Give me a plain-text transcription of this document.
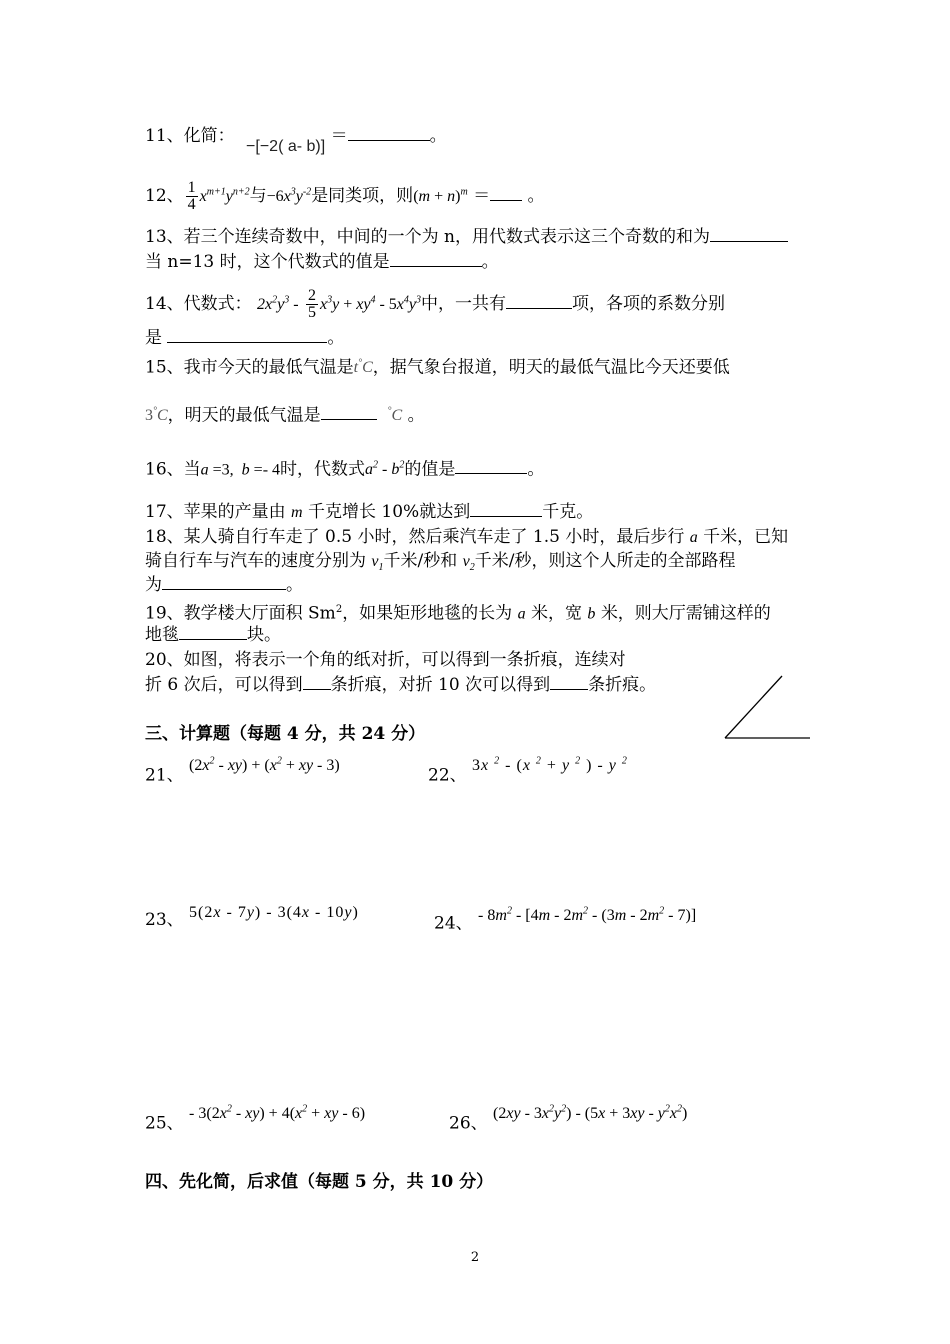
11、化简： −[−2( a- b)] ＝	。
12、 $\frac{1}{4} x^{m+1}y^{n+2}$与$-6x^3y^{-2}$是同类项，则$(m + n)^m$ ＝ 。
13、若三个连续奇数中，中间的一个为 n，用代数式表示这三个奇数的和为
当 n=13 时，这个代数式的值是	。
14、代数式： $2x^2y^3 - \frac{2}{5} x^3y + xy^4 - 5x^4y^3$中，一共有	项，各项的系数分别
是	。
15、我市今天的最低气温是t°C，据气象台报道，明天的最低气温比今天还要低
3°C，明天的最低气温是	°C 。
16、当a =3,  b =- 4时，代数式$a^2 - b^2$的值是	。
17、苹果的产量由 m 千克增长 10%就达到	千克。
18、某人骑自行车走了 0.5 小时，然后乘汽车走了 1.5 小时，最后步行 a 千米，已知
骑自行车与汽车的速度分别为 $v_1$千米/秒和 $v_2$千米/秒，则这个人所走的全部路程
为	。
19、教学楼大厅面积 Sm$^2$，如果矩形地毯的长为 a 米，宽 b 米，则大厅需铺这样的
地毯	块。
20、如图，将表示一个角的纸对折，可以得到一条折痕，连续对
折 6 次后，可以得到 条折痕，对折 10 次可以得到 条折痕。
三、计算题（每题 4 分，共 24 分）
21、 $(2x^2 - xy) + (x^2$ + xy - 3)	22、 3x $^2$ - (x $^2$ + y $^2$ ) - y $^2$
23、 5(2x - 7y) - 3(4x - 10y)
24、 - $8m^2 - [4m - 2m^2 - (3m - 2m^2 - 7)]$
25、 - $3(2x^2 - xy) + 4(x^2$ + xy - 6)	26、 $(2xy - 3x^2y^2) - (5x + 3xy - y^2x^2)$
四、先化简，后求值（每题 5 分，共 10 分）
2
